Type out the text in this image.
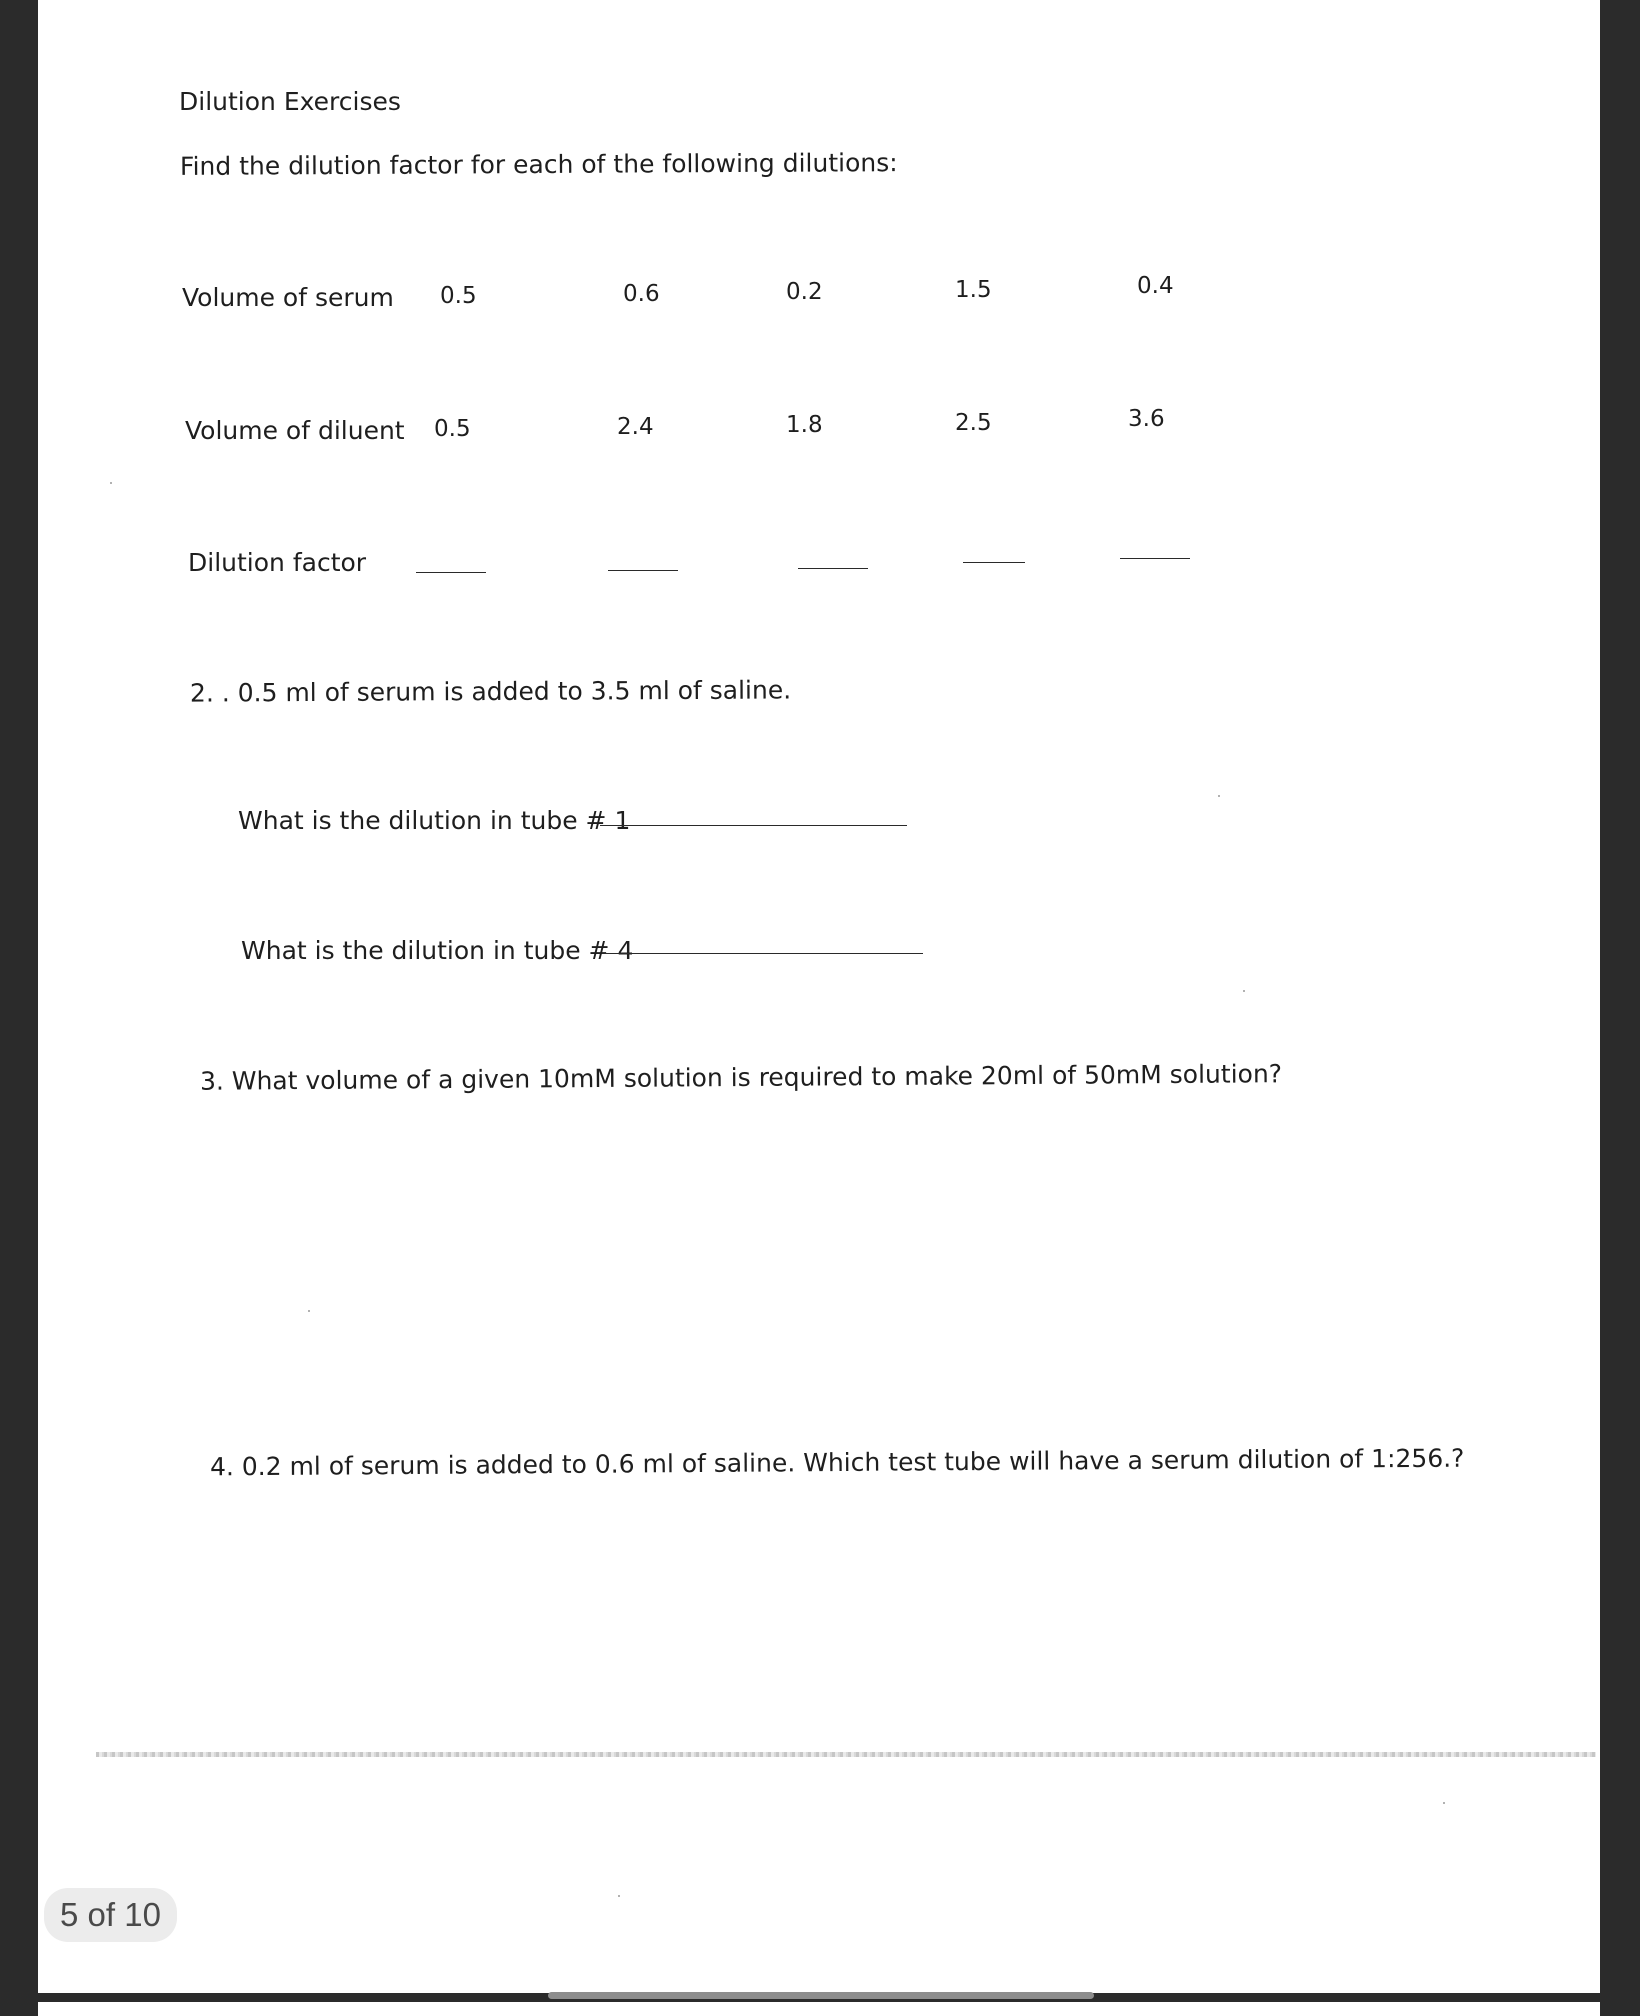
Dilution Exercises
Find the dilution factor for each of the following dilutions:
Volume of serum 0.5	0.6	0.2	1.5	0.4
Volume of diluent 0.5	2.4	1.8	2.5	3.6
Dilution factor
2. . 0.5 ml of serum is added to 3.5 ml of saline.
What is the dilution in tube # 1
What is the dilution in tube # 4
3. What volume of a given 10mM solution is required to make 20ml of 50mM solution?
4. 0.2 ml of serum is added to 0.6 ml of saline. Which test tube will have a serum dilution of 1:256.?
5 of 10
